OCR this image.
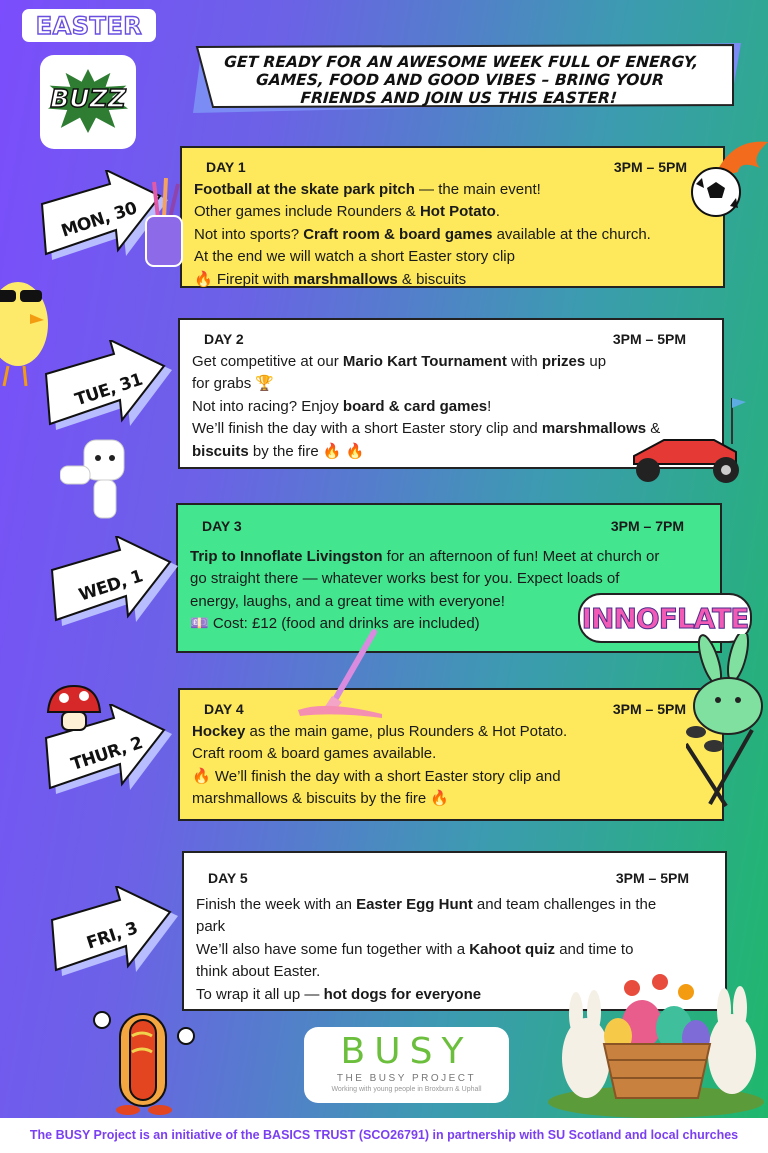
EASTER
BUZZ
GET READY FOR AN AWESOME WEEK FULL OF ENERGY, GAMES, FOOD AND GOOD VIBES – BRING YOUR FRIENDS AND JOIN US THIS EASTER!
DAY 1	3PM – 5PM
Football at the skate park pitch — the main event!
Other games include Rounders & Hot Potato.
Not into sports? Craft room & board games available at the church.
At the end we will watch a short Easter story clip
🔥 Firepit with marshmallows & biscuits
DAY 2	3PM – 5PM
Get competitive at our Mario Kart Tournament with prizes up
for grabs 🏆
Not into racing? Enjoy board & card games!
We’ll finish the day with a short Easter story clip and marshmallows &
biscuits by the fire 🔥 🔥
DAY 3	3PM – 7PM
Trip to Innoflate Livingston for an afternoon of fun! Meet at church or
go straight there — whatever works best for you. Expect loads of
energy, laughs, and a great time with everyone!
💷 Cost: £12 (food and drinks are included)
DAY 4	3PM – 5PM
Hockey as the main game, plus Rounders & Hot Potato.
Craft room & board games available.
🔥 We’ll finish the day with a short Easter story clip and
marshmallows & biscuits by the fire 🔥
DAY 5	3PM – 5PM
Finish the week with an Easter Egg Hunt and team challenges in the
park
We’ll also have some fun together with a Kahoot quiz and time to
think about Easter.
To wrap it all up — hot dogs for everyone
MON, 30
TUE, 31
WED, 1
THUR, 2
FRI, 3
INNOFLATE
BUSY
THE BUSY PROJECT
Working with young people in Broxburn & Uphall
The BUSY Project is an initiative of the BASICS TRUST (SCO26791) in partnership with SU Scotland and local churches
